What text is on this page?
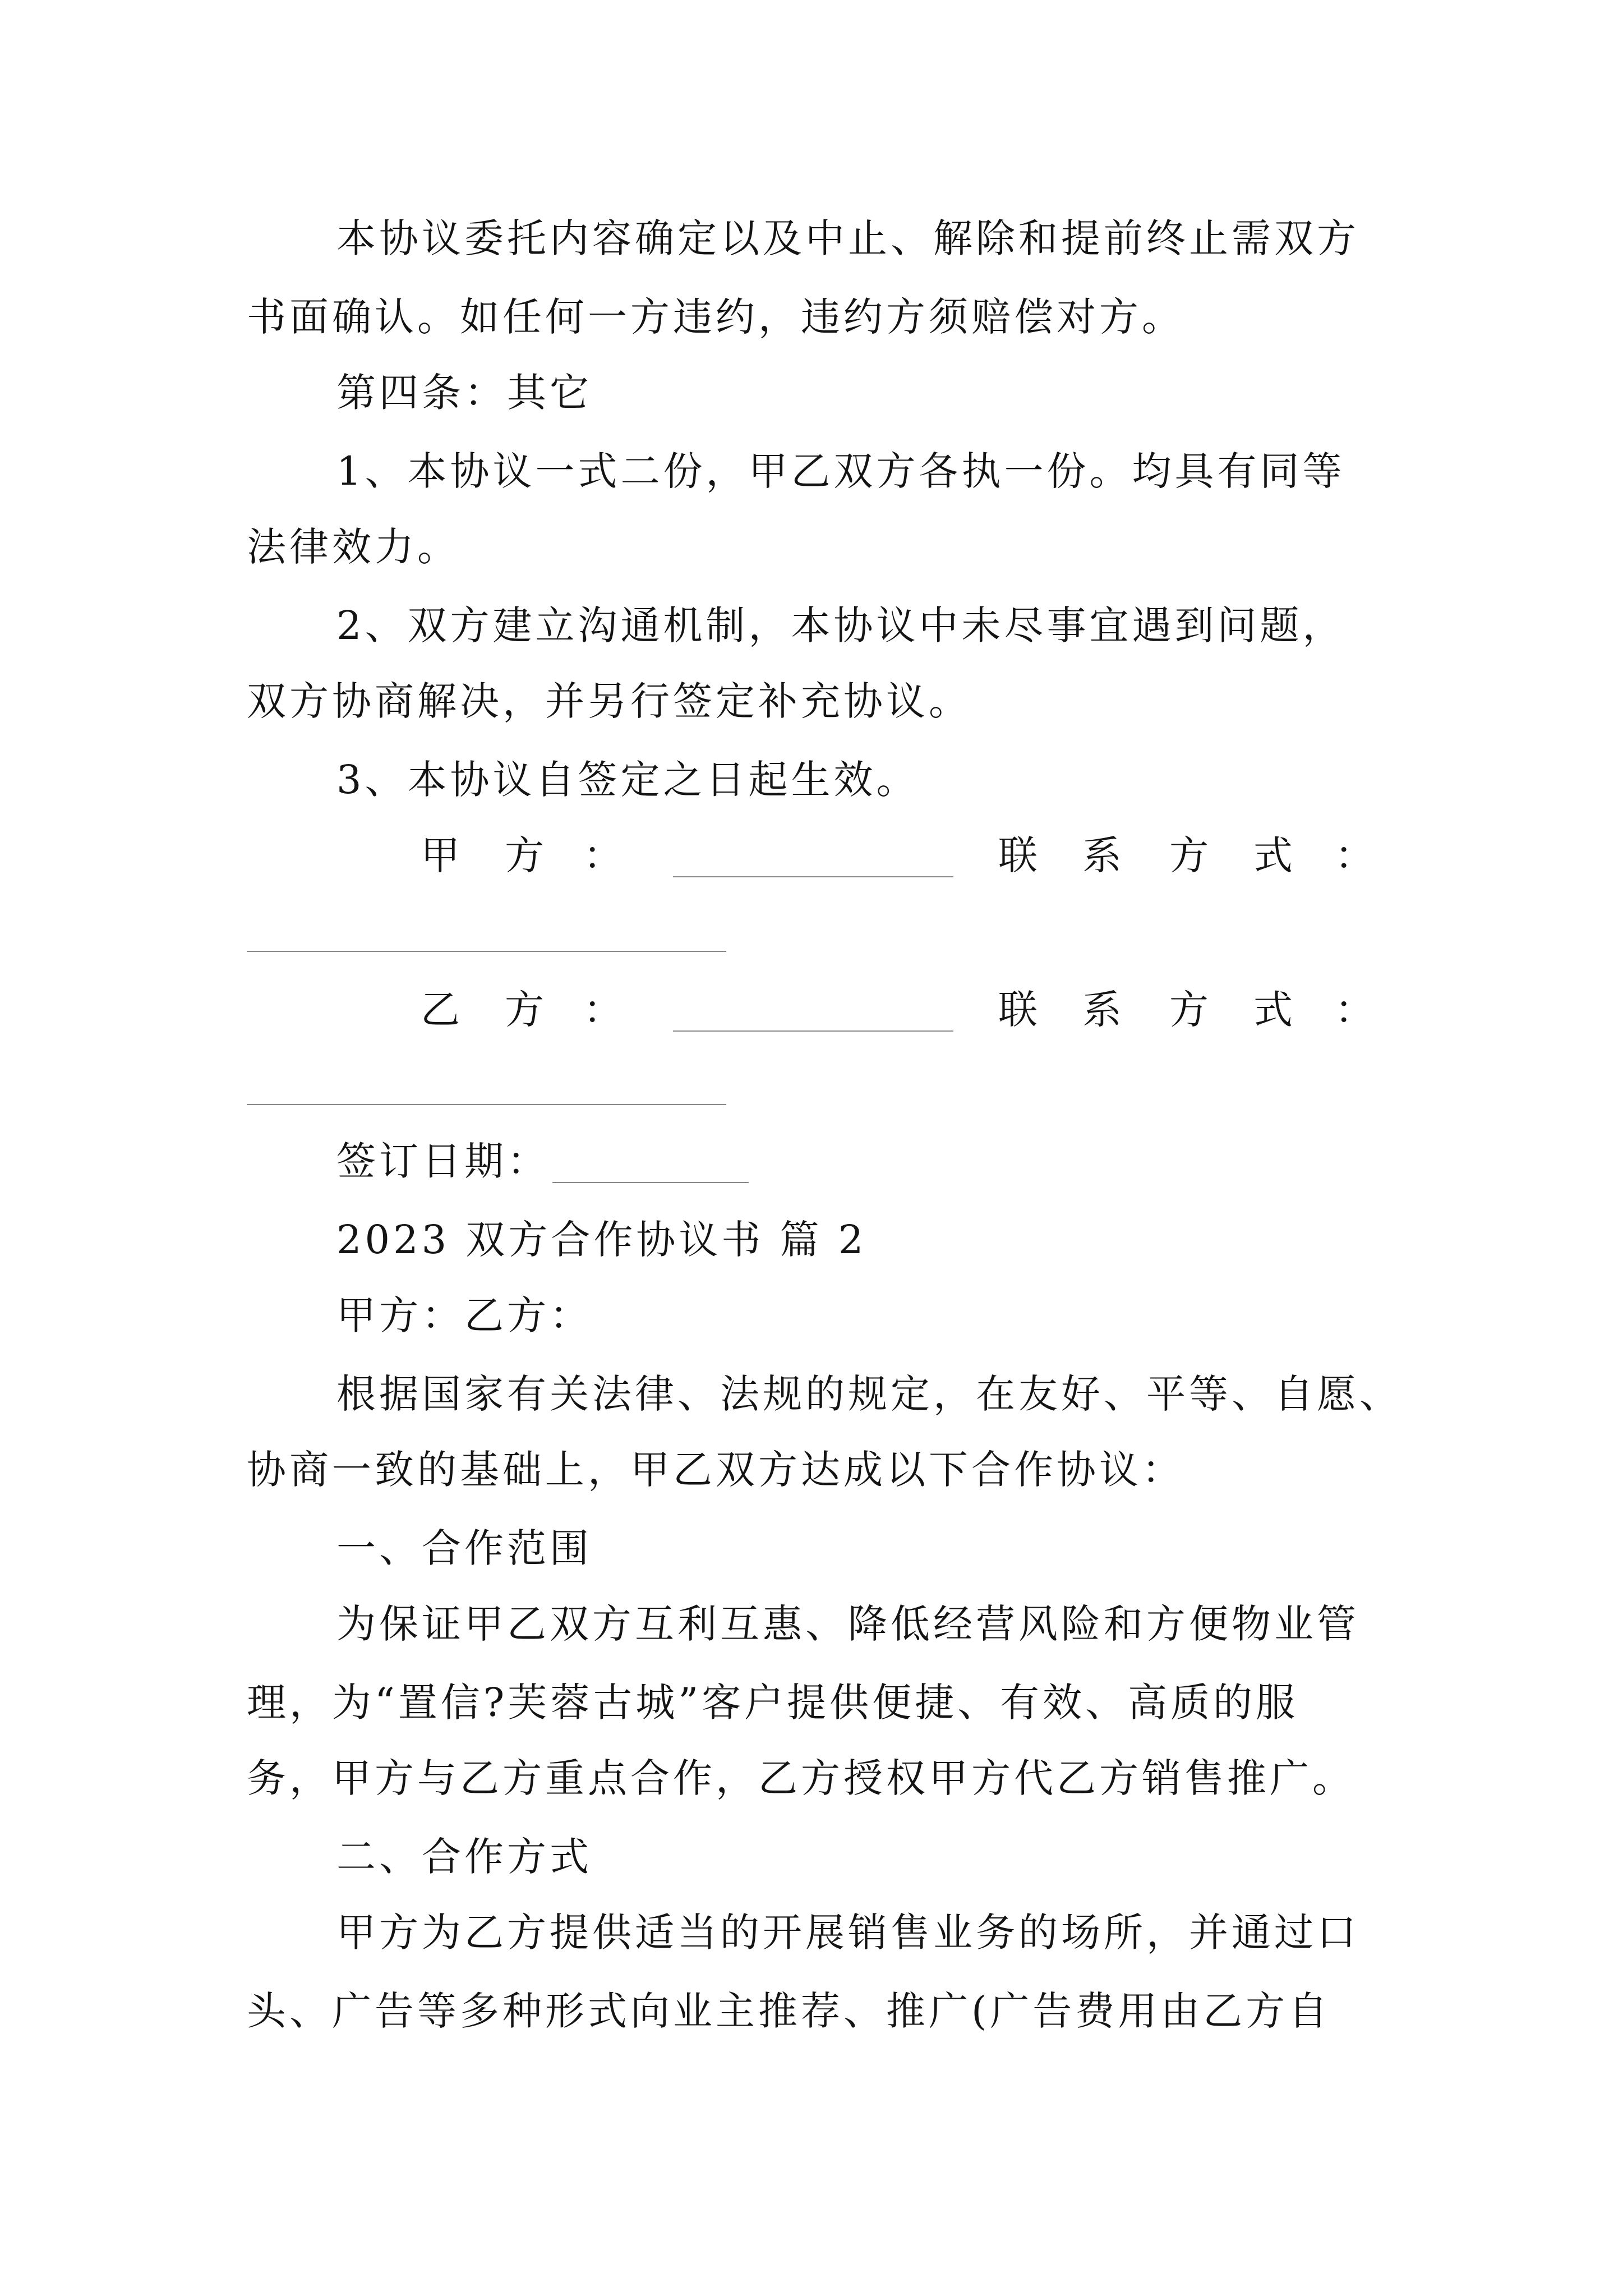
本协议委托内容确定以及中止、解除和提前终止需双方
书面确认。如任何一方违约，违约方须赔偿对方。
第四条：其它
1、本协议一式二份，甲乙双方各执一份。均具有同等
法律效力。
2、双方建立沟通机制，本协议中未尽事宜遇到问题，
双方协商解决，并另行签定补充协议。
3、本协议自签定之日起生效。
甲 方 ：	联 系 方 式 ：
乙 方 ：	联 系 方 式 ：
签订日期：
2023 双方合作协议书 篇 2
甲方：乙方：
根据国家有关法律、法规的规定，在友好、平等、自愿、
协商一致的基础上，甲乙双方达成以下合作协议：
一、合作范围
为保证甲乙双方互利互惠、降低经营风险和方便物业管
理，为“置信?芙蓉古城”客户提供便捷、有效、高质的服
务，甲方与乙方重点合作，乙方授权甲方代乙方销售推广。
二、合作方式
甲方为乙方提供适当的开展销售业务的场所，并通过口
头、广告等多种形式向业主推荐、推广(广告费用由乙方自
